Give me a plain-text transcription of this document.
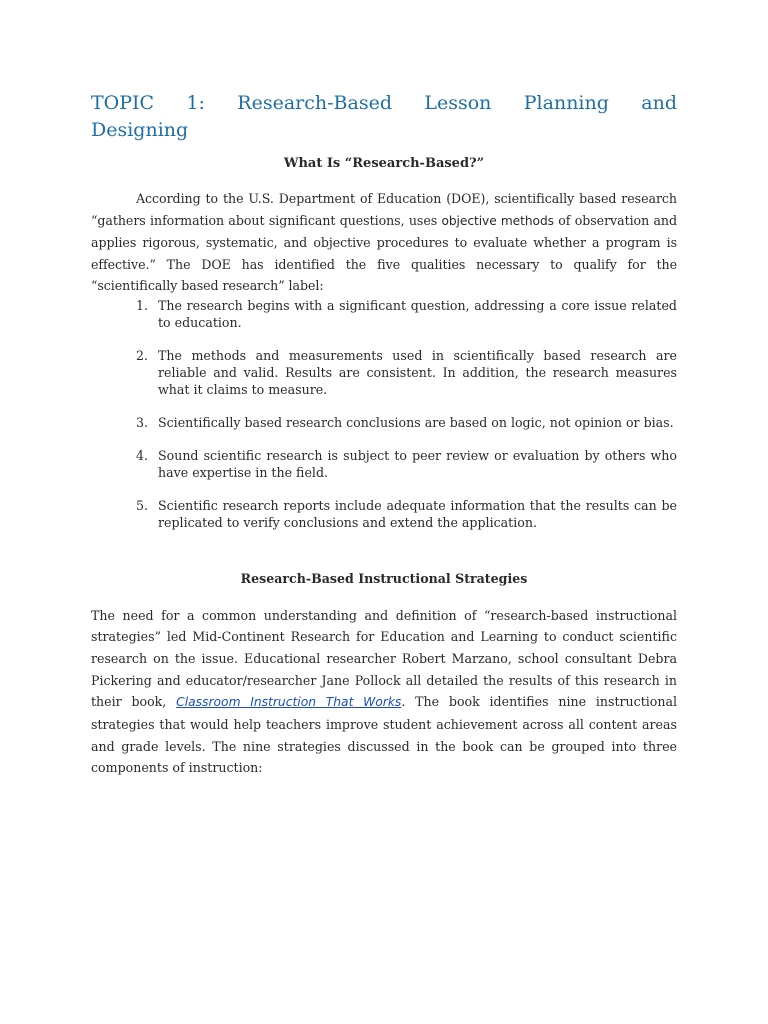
TOPIC 1: Research-Based Lesson Planning and
Designing
What Is “Research-Based?”

According to the U.S. Department of Education (DOE), scientifically based research “gathers information about significant questions, uses objective methods of observation and applies rigorous, systematic, and objective procedures to evaluate whether a program is effective.” The DOE has identified the five qualities necessary to qualify for the “scientifically based research” label:

1. The research begins with a significant question, addressing a core issue related to education.
2. The methods and measurements used in scientifically based research are reliable and valid. Results are consistent. In addition, the research measures what it claims to measure.
3. Scientifically based research conclusions are based on logic, not opinion or bias.
4. Sound scientific research is subject to peer review or evaluation by others who have expertise in the field.
5. Scientific research reports include adequate information that the results can be replicated to verify conclusions and extend the application.
Research-Based Instructional Strategies

The need for a common understanding and definition of “research-based instructional strategies” led Mid-Continent Research for Education and Learning to conduct scientific research on the issue. Educational researcher Robert Marzano, school consultant Debra Pickering and educator/researcher Jane Pollock all detailed the results of this research in their book, Classroom Instruction That Works. The book identifies nine instructional strategies that would help teachers improve student achievement across all content areas and grade levels. The nine strategies discussed in the book can be grouped into three components of instruction:
